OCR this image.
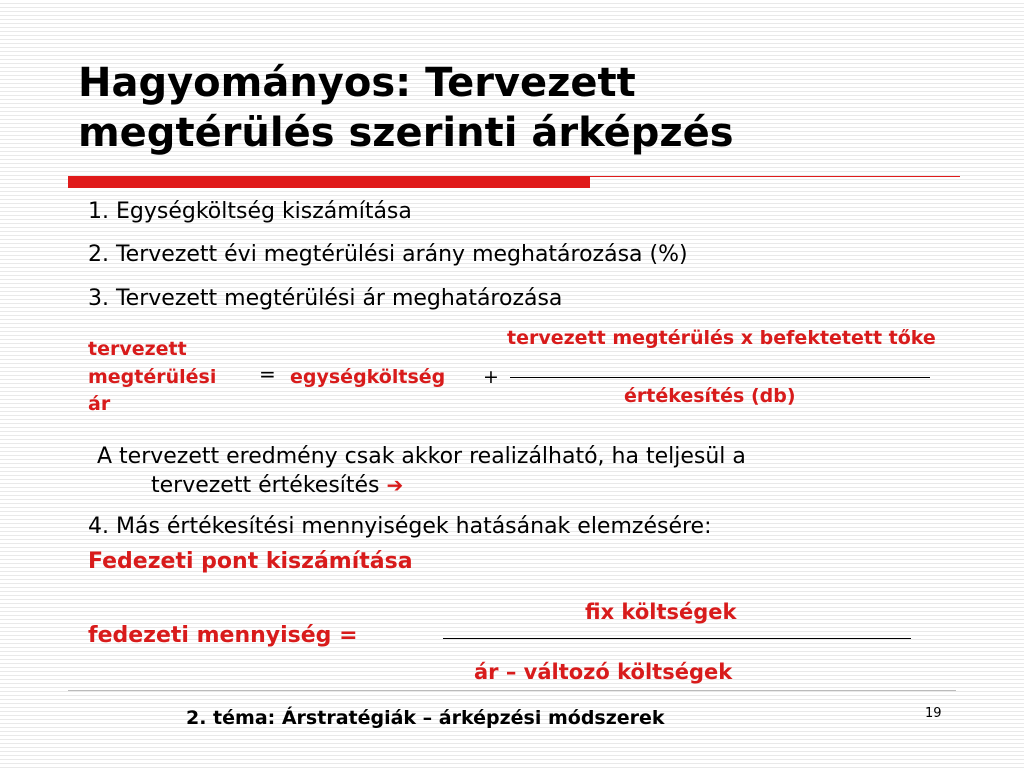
Hagyományos: Tervezett
megtérülés szerinti árképzés
1. Egységköltség kiszámítása
2. Tervezett évi megtérülési arány meghatározása (%)
3. Tervezett megtérülési ár meghatározása
tervezett megtérülés x befektetett tőke
tervezett
megtérülési
ár
= egységköltség +
értékesítés (db)
A tervezett eredmény csak akkor realizálható, ha teljesül a
tervezett értékesítés ➔
4. Más értékesítési mennyiségek hatásának elemzésére:
Fedezeti pont kiszámítása
fix költségek
fedezeti mennyiség =
ár – változó költségek
2. téma: Árstratégiák – árképzési módszerek	19
